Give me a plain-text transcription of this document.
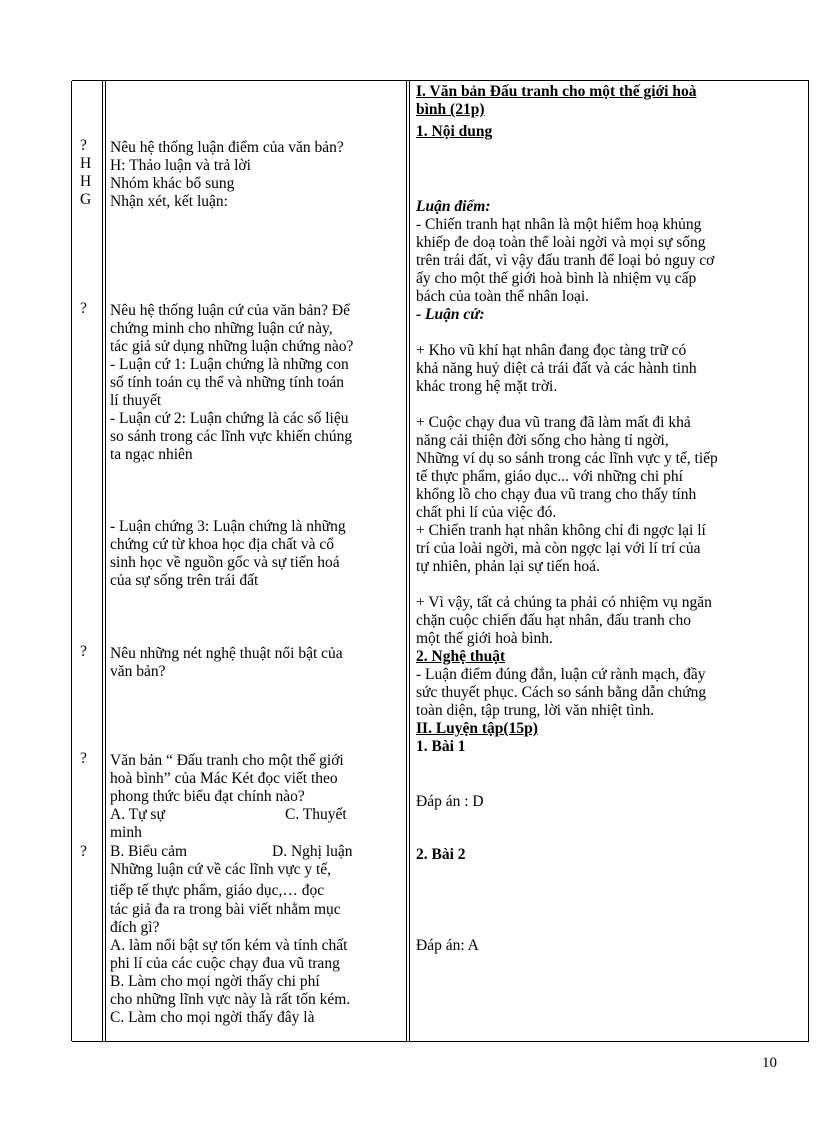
?
H
H
G
?
?
?
?
Nêu hệ thống luận điểm của văn bản?
H: Thảo luận và trả lời
Nhóm khác bổ sung
Nhận xét, kết luận:
Nêu hệ thống luận cứ của văn bản? Để
chứng minh cho những luận cứ này,
tác giả sử dụng những luận chứng nào?
- Luận cứ 1: Luận chứng là những con
số tính toán cụ thể và những tính toán
lí thuyết
- Luận cứ 2: Luận chứng là các số liệu
so sánh trong các lĩnh vực khiến chúng
ta ngạc nhiên
- Luận chứng 3: Luận chứng là những
chứng cứ từ khoa học địa chất và cổ
sinh học về nguồn gốc và sự tiến hoá
của sự sống trên trái đất
Nêu những nét nghệ thuật nổi bật của
văn bản?
Văn bản “ Đấu tranh cho một thế giới
hoà bình” của Mác Két đọc viết theo
phong thức biểu đạt chính nào?
A. Tự sự	C. Thuyết
minh
B. Biểu cảm	D. Nghị luận
Những luận cứ về các lĩnh vực y tế,
tiếp tế thực phẩm, giáo dục,… đọc
tác giả đa ra trong bài viết nhằm mục
đích gì?
A. làm nổi bật sự tốn kém và tính chất
phi lí của các cuộc chạy đua vũ trang
B. Làm cho mọi ngời thấy chi phí
cho những lĩnh vực này là rất tốn kém.
C. Làm cho mọi ngời thấy đây là
I. Văn bản Đấu tranh cho một thế giới hoà
bình (21p)
1. Nội dung
Luận điểm:
- Chiến tranh hạt nhân là một hiểm hoạ khủng
khiếp đe doạ toàn thể loài ngời và mọi sự sống
trên trái đất, vì vậy đấu tranh để loại bỏ nguy cơ
ấy cho một thế giới hoà bình là nhiệm vụ cấp
bách của toàn thể nhân loại.
- Luận cứ:
+ Kho vũ khí hạt nhân đang đọc tàng trữ có
khả năng huỷ diệt cả trái đất và các hành tinh
khác trong hệ mặt trời.
+ Cuộc chạy đua vũ trang đã làm mất đi khả
năng cải thiện đời sống cho hàng tỉ ngời,
Những ví dụ so sánh trong các lĩnh vực y tế, tiếp
tế thực phẩm, giáo dục... với những chi phí
khổng lồ cho chạy đua vũ trang cho thấy tính
chất phi lí của việc đó.
+ Chiến tranh hạt nhân không chỉ đi ngợc lại lí
trí của loài ngời, mà còn ngợc lại với lí trí của
tự nhiên, phản lại sự tiến hoá.
+ Vì vậy, tất cả chúng ta phải có nhiệm vụ ngăn
chặn cuộc chiến đấu hạt nhân, đấu tranh cho
một thế giới hoà bình.
2. Nghệ thuật
- Luận điểm đúng đắn, luận cứ rành mạch, đầy
sức thuyết phục. Cách so sánh bằng dẫn chứng
toàn diện, tập trung, lời văn nhiệt tình.
II. Luyện tập(15p)
1. Bài 1
Đáp án : D
2. Bài 2
Đáp án: A
10
